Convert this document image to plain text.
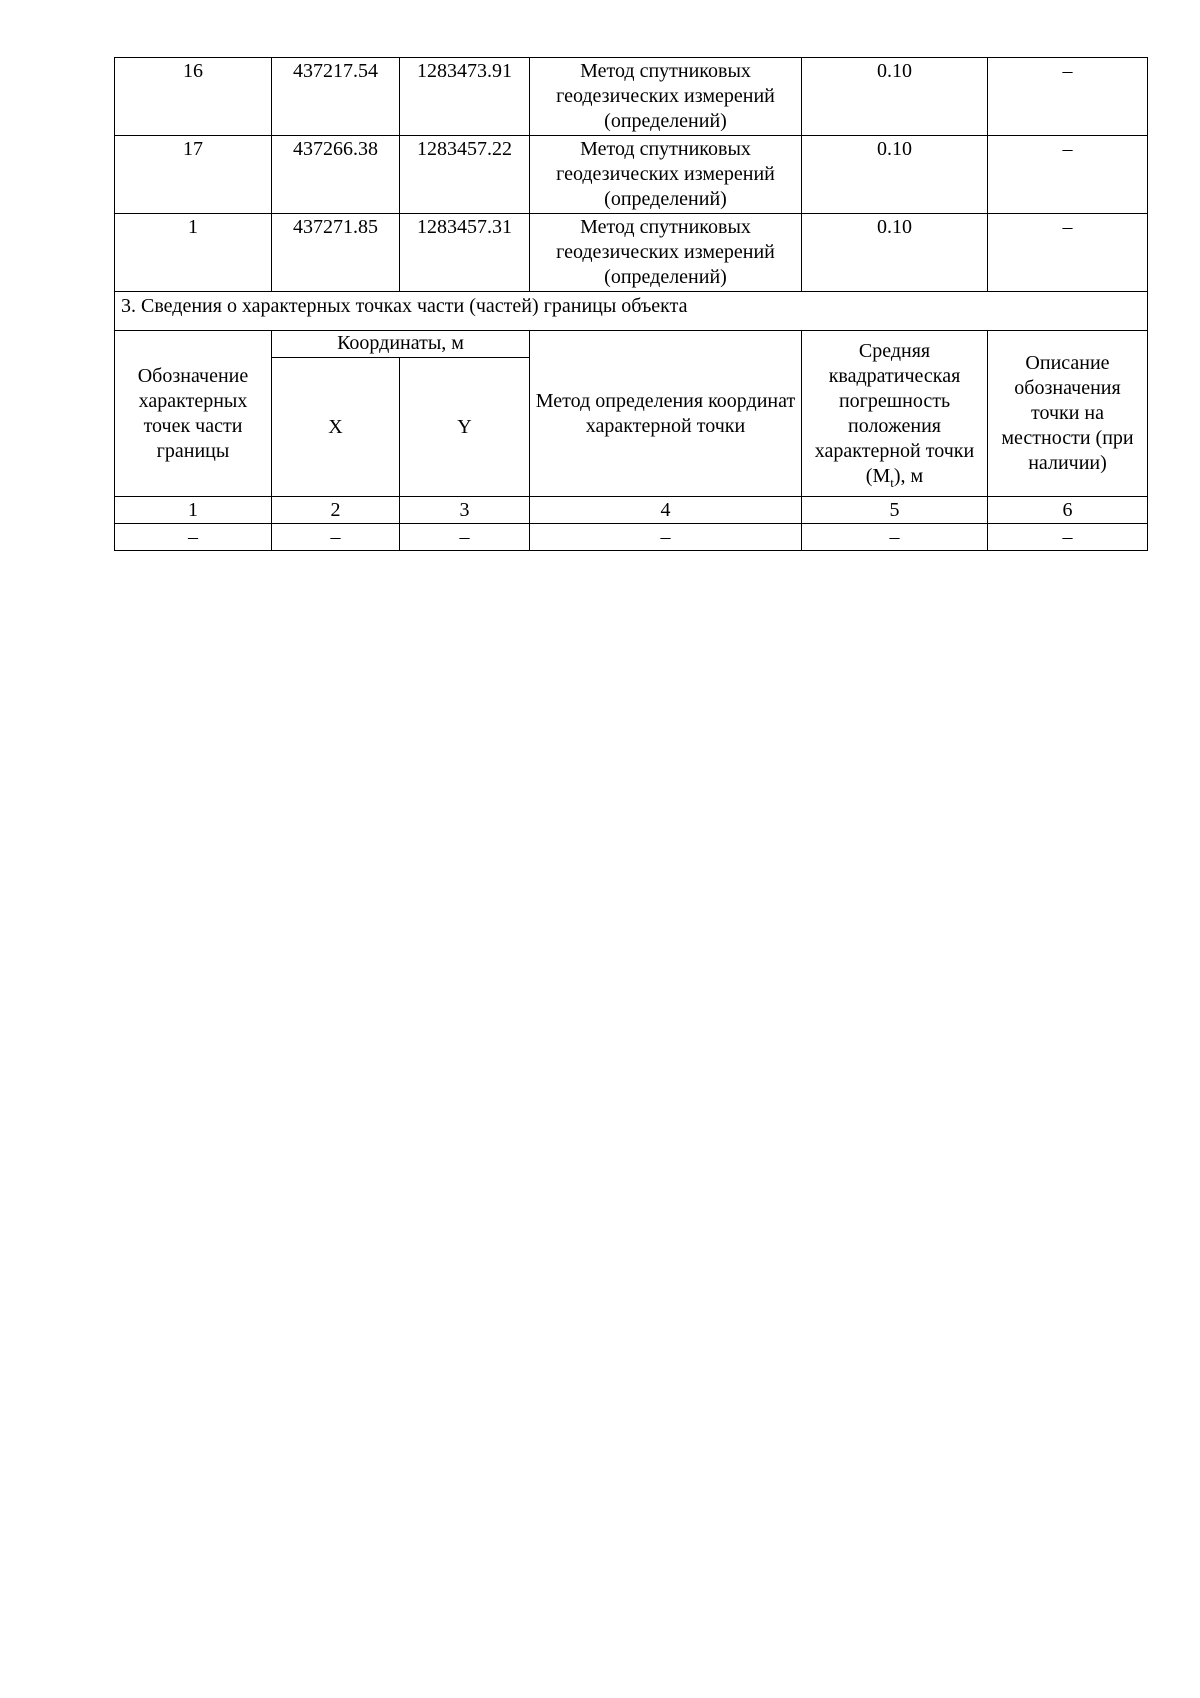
16	437217.54	1283473.91	Метод спутниковых геодезических измерений (определений)	0.10	–
17	437266.38	1283457.22	Метод спутниковых геодезических измерений (определений)	0.10	–
1	437271.85	1283457.31	Метод спутниковых геодезических измерений (определений)	0.10	–
3. Сведения о характерных точках части (частей) границы объекта					
Обозначение характерных точек части границы	Координаты, м		Метод определения координат характерной точки	Средняя квадратическая погрешность положения характерной точки $(M_t)$, м	Описание обозначения точки на местности (при наличии)
	X	Y			
1	2	3	4	5	6
–	–	–	–	–	–
